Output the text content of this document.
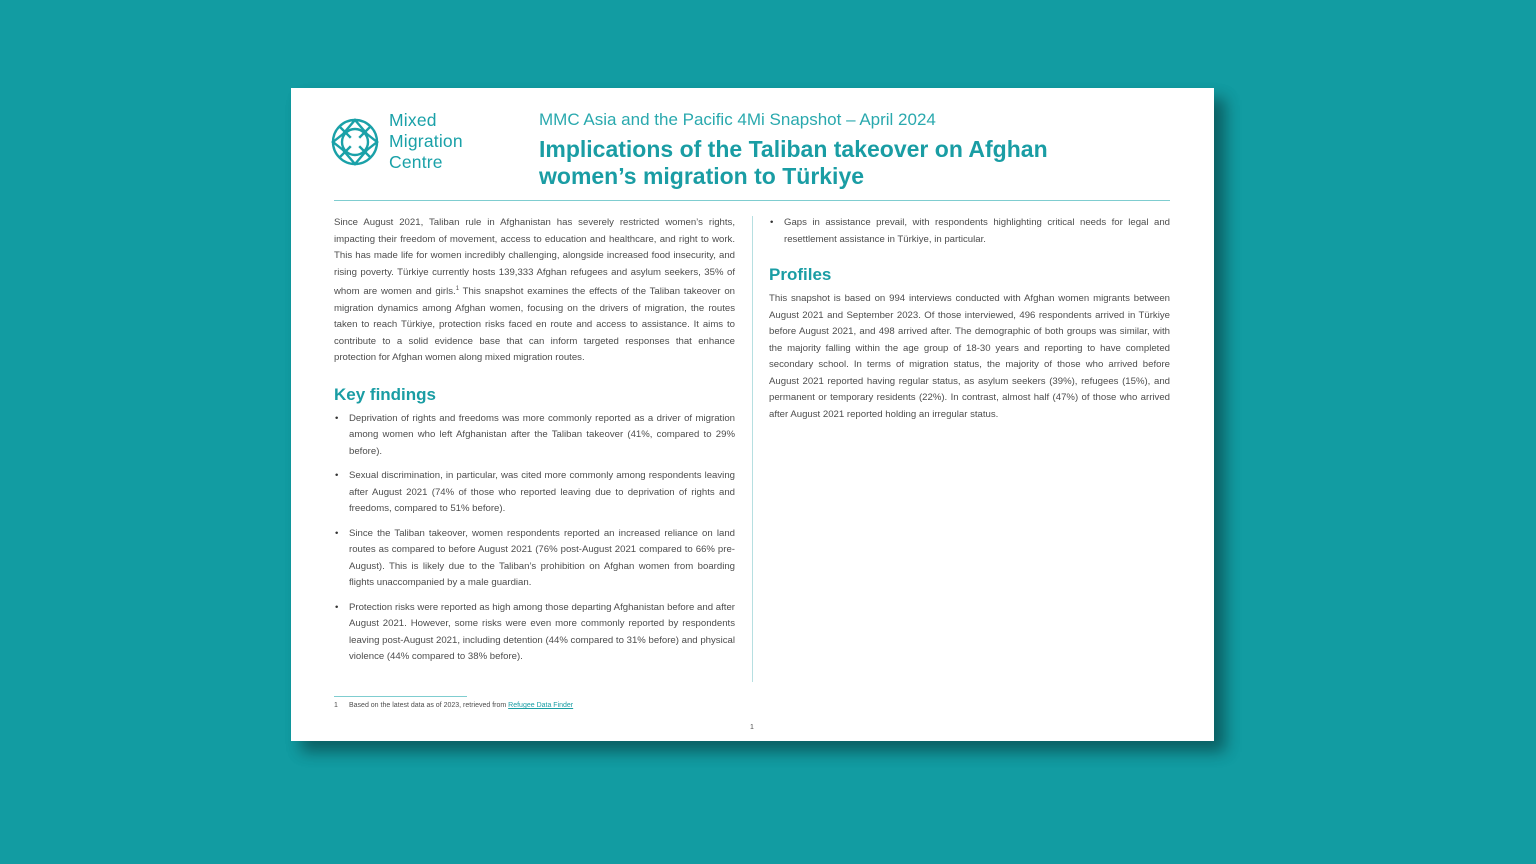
Mixed
Migration
Centre
MMC Asia and the Pacific 4Mi Snapshot – April 2024
Implications of the Taliban takeover on Afghan women’s migration to Türkiye

Since August 2021, Taliban rule in Afghanistan has severely restricted women’s rights, impacting their freedom of movement, access to education and healthcare, and right to work. This has made life for women incredibly challenging, alongside increased food insecurity, and rising poverty. Türkiye currently hosts 139,333 Afghan refugees and asylum seekers, 35% of whom are women and girls.$^1$ This snapshot examines the effects of the Taliban takeover on migration dynamics among Afghan women, focusing on the drivers of migration, the routes taken to reach Türkiye, protection risks faced en route and access to assistance. It aims to contribute to a solid evidence base that can inform targeted responses that enhance protection for Afghan women along mixed migration routes.

Key findings
• Deprivation of rights and freedoms was more commonly reported as a driver of migration among women who left Afghanistan after the Taliban takeover (41%, compared to 29% before).
• Sexual discrimination, in particular, was cited more commonly among respondents leaving after August 2021 (74% of those who reported leaving due to deprivation of rights and freedoms, compared to 51% before).
• Since the Taliban takeover, women respondents reported an increased reliance on land routes as compared to before August 2021 (76% post-August 2021 compared to 66% pre-August). This is likely due to the Taliban’s prohibition on Afghan women from boarding flights unaccompanied by a male guardian.
• Protection risks were reported as high among those departing Afghanistan before and after August 2021. However, some risks were even more commonly reported by respondents leaving post-August 2021, including detention (44% compared to 31% before) and physical violence (44% compared to 38% before).
• Gaps in assistance prevail, with respondents highlighting critical needs for legal and resettlement assistance in Türkiye, in particular.
Profiles

This snapshot is based on 994 interviews conducted with Afghan women migrants between August 2021 and September 2023. Of those interviewed, 496 respondents arrived in Türkiye before August 2021, and 498 arrived after. The demographic of both groups was similar, with the majority falling within the age group of 18-30 years and reporting to have completed secondary school. In terms of migration status, the majority of those who arrived before August 2021 reported having regular status, as asylum seekers (39%), refugees (15%), and permanent or temporary residents (22%). In contrast, almost half (47%) of those who arrived after August 2021 reported holding an irregular status.

1 Based on the latest data as of 2023, retrieved from Refugee Data Finder
1
